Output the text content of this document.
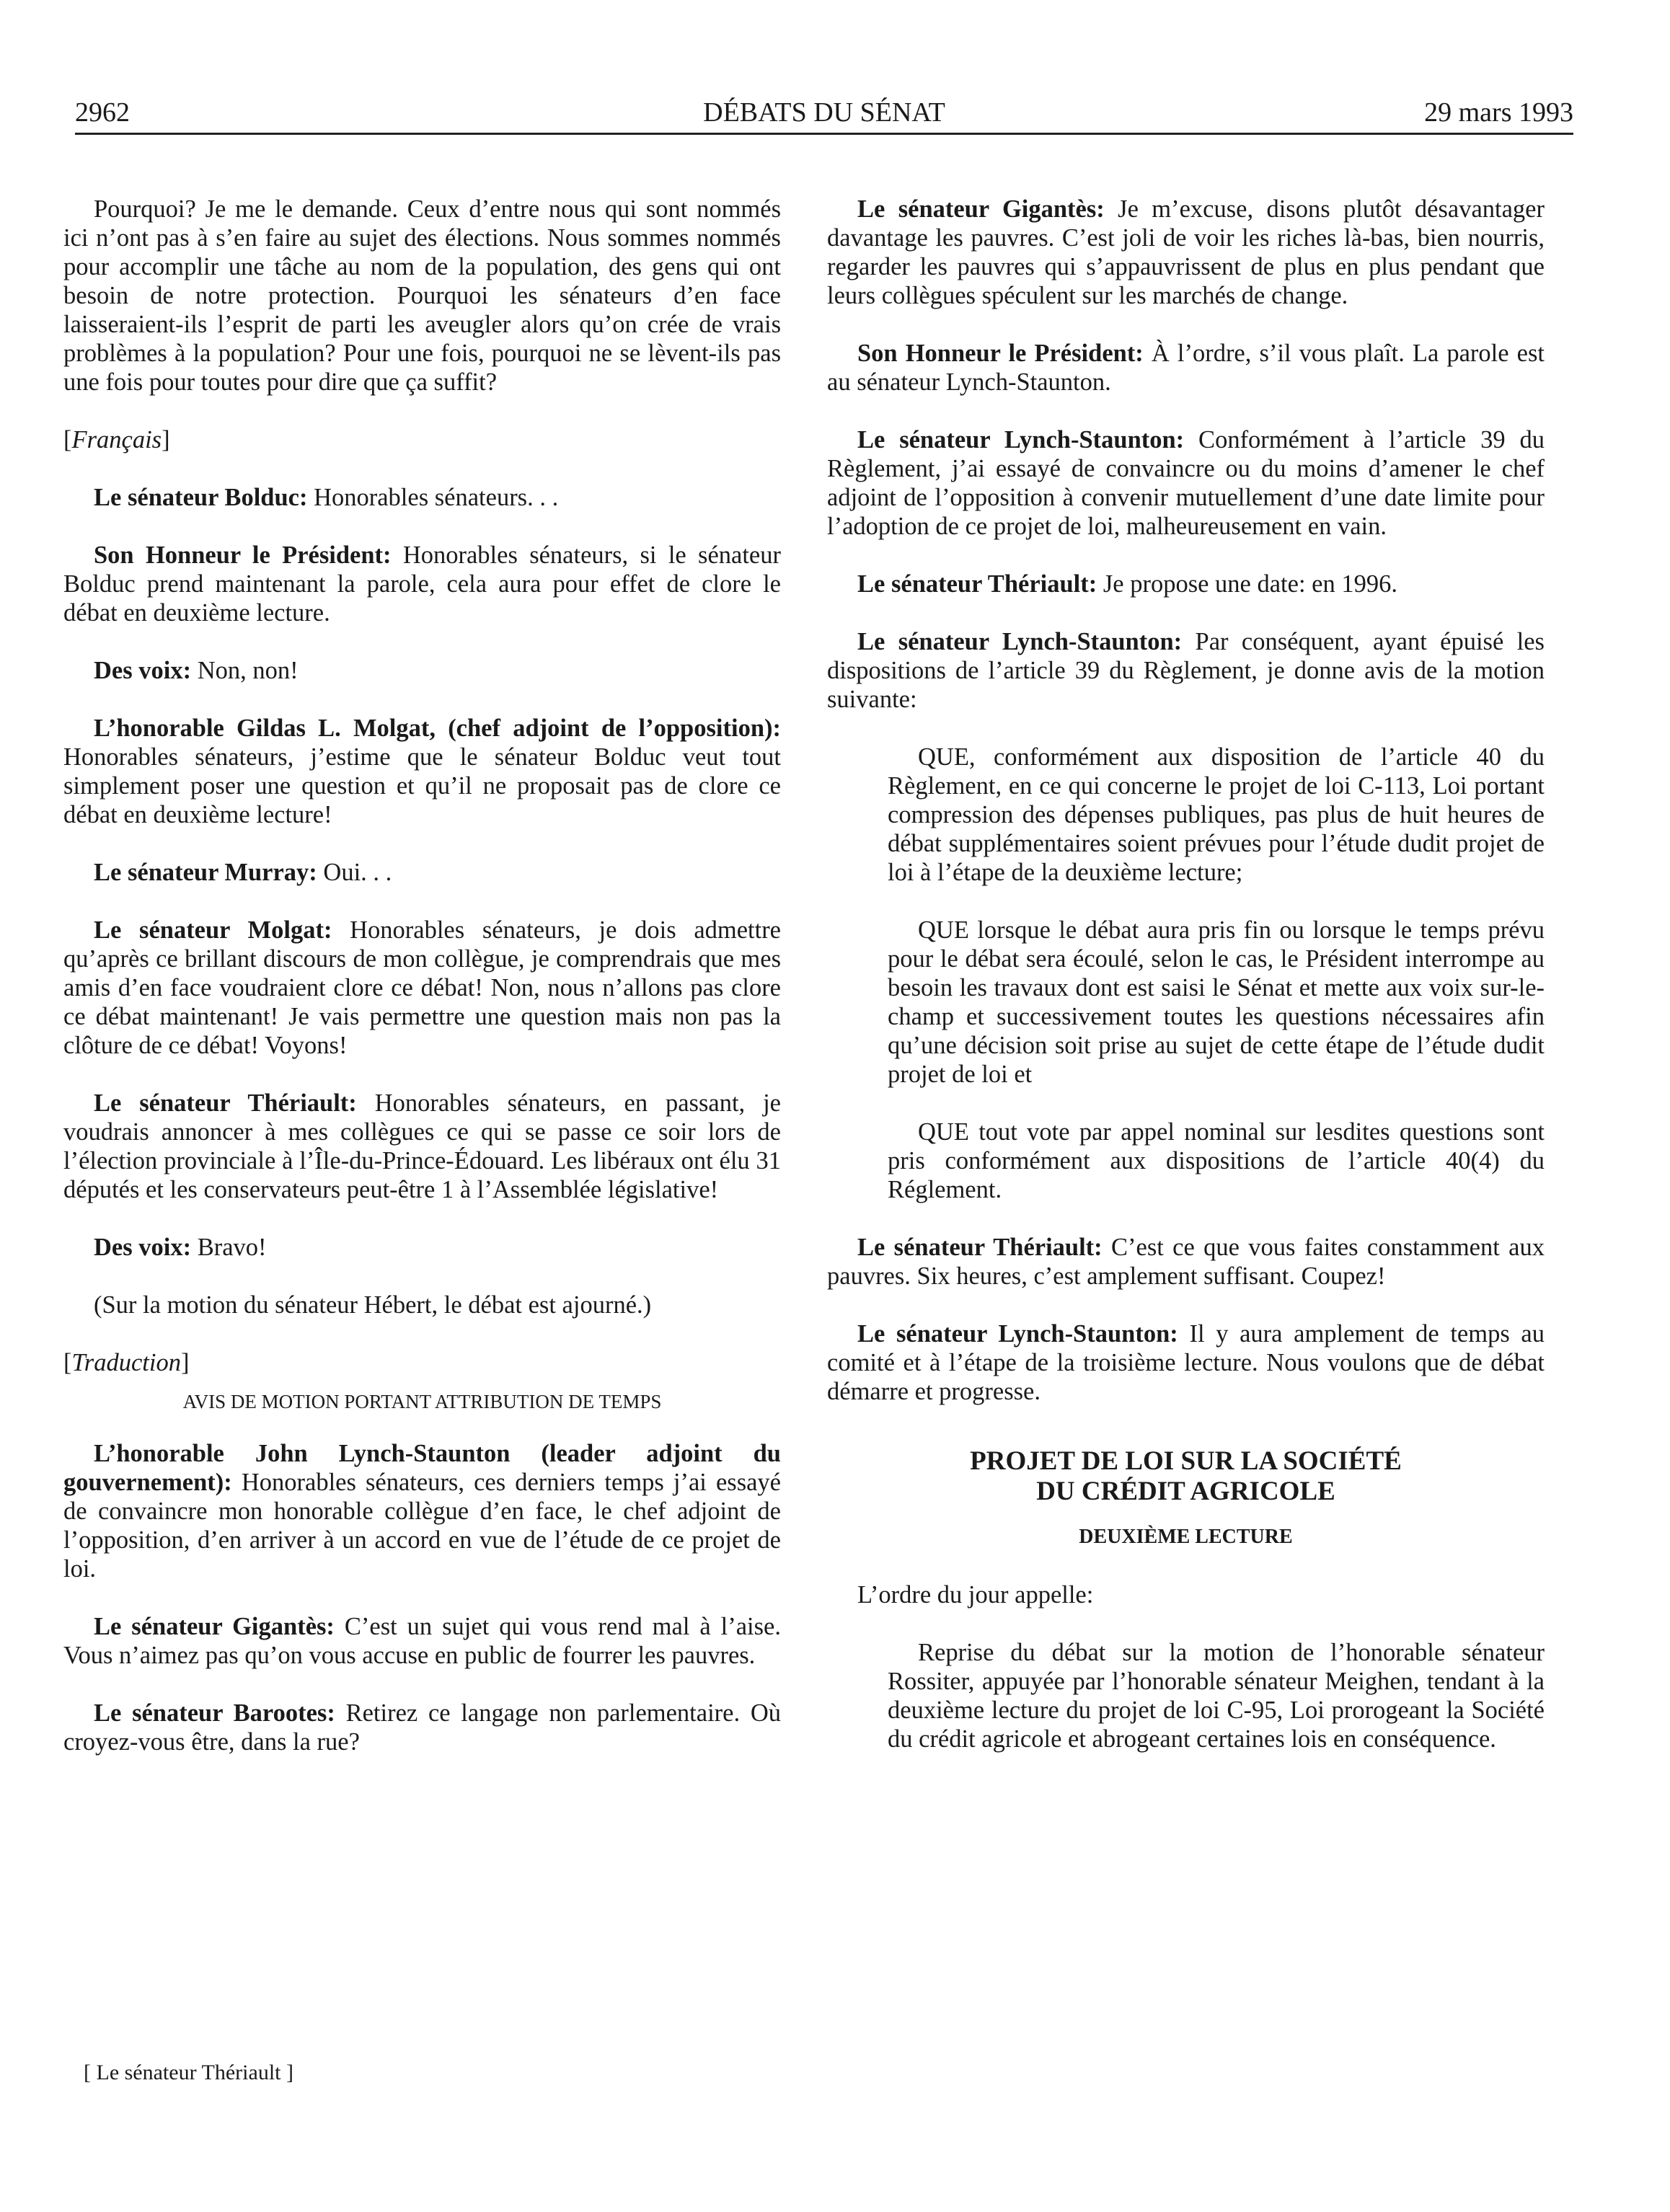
2962	DÉBATS DU SÉNAT	29 mars 1993

Pourquoi? Je me le demande. Ceux d’entre nous qui sont nommés ici n’ont pas à s’en faire au sujet des élections. Nous sommes nommés pour accomplir une tâche au nom de la population, des gens qui ont besoin de notre protection. Pourquoi les sénateurs d’en face laisseraient-ils l’esprit de parti les aveugler alors qu’on crée de vrais problèmes à la population? Pour une fois, pourquoi ne se lèvent-ils pas une fois pour toutes pour dire que ça suffit?

[Français]

Le sénateur Bolduc: Honorables sénateurs. . .

Son Honneur le Président: Honorables sénateurs, si le sénateur Bolduc prend maintenant la parole, cela aura pour effet de clore le débat en deuxième lecture.

Des voix: Non, non!

L’honorable Gildas L. Molgat, (chef adjoint de l’opposition): Honorables sénateurs, j’estime que le sénateur Bolduc veut tout simplement poser une question et qu’il ne proposait pas de clore ce débat en deuxième lecture!

Le sénateur Murray: Oui. . .

Le sénateur Molgat: Honorables sénateurs, je dois admettre qu’après ce brillant discours de mon collègue, je comprendrais que mes amis d’en face voudraient clore ce débat! Non, nous n’allons pas clore ce débat maintenant! Je vais permettre une question mais non pas la clôture de ce débat! Voyons!

Le sénateur Thériault: Honorables sénateurs, en passant, je voudrais annoncer à mes collègues ce qui se passe ce soir lors de l’élection provinciale à l’Île-du-Prince-Édouard. Les libéraux ont élu 31 députés et les conservateurs peut-être 1 à l’Assemblée législative!

Des voix: Bravo!

(Sur la motion du sénateur Hébert, le débat est ajourné.)

[Traduction]
AVIS DE MOTION PORTANT ATTRIBUTION DE TEMPS

L’honorable John Lynch-Staunton (leader adjoint du gouvernement): Honorables sénateurs, ces derniers temps j’ai essayé de convaincre mon honorable collègue d’en face, le chef adjoint de l’opposition, d’en arriver à un accord en vue de l’étude de ce projet de loi.

Le sénateur Gigantès: C’est un sujet qui vous rend mal à l’aise. Vous n’aimez pas qu’on vous accuse en public de fourrer les pauvres.

Le sénateur Barootes: Retirez ce langage non parlementaire. Où croyez-vous être, dans la rue?

Le sénateur Gigantès: Je m’excuse, disons plutôt désavantager davantage les pauvres. C’est joli de voir les riches là-bas, bien nourris, regarder les pauvres qui s’appauvrissent de plus en plus pendant que leurs collègues spéculent sur les marchés de change.

Son Honneur le Président: À l’ordre, s’il vous plaît. La parole est au sénateur Lynch-Staunton.

Le sénateur Lynch-Staunton: Conformément à l’article 39 du Règlement, j’ai essayé de convaincre ou du moins d’amener le chef adjoint de l’opposition à convenir mutuellement d’une date limite pour l’adoption de ce projet de loi, malheureusement en vain.

Le sénateur Thériault: Je propose une date: en 1996.

Le sénateur Lynch-Staunton: Par conséquent, ayant épuisé les dispositions de l’article 39 du Règlement, je donne avis de la motion suivante:

QUE, conformément aux disposition de l’article 40 du Règlement, en ce qui concerne le projet de loi C-113, Loi portant compression des dépenses publiques, pas plus de huit heures de débat supplémentaires soient prévues pour l’étude dudit projet de loi à l’étape de la deuxième lecture;

QUE lorsque le débat aura pris fin ou lorsque le temps prévu pour le débat sera écoulé, selon le cas, le Président interrompe au besoin les travaux dont est saisi le Sénat et mette aux voix sur-le-champ et successivement toutes les questions nécessaires afin qu’une décision soit prise au sujet de cette étape de l’étude dudit projet de loi et

QUE tout vote par appel nominal sur lesdites questions sont pris conformément aux dispositions de l’article 40(4) du Réglement.

Le sénateur Thériault: C’est ce que vous faites constamment aux pauvres. Six heures, c’est amplement suffisant. Coupez!

Le sénateur Lynch-Staunton: Il y aura amplement de temps au comité et à l’étape de la troisième lecture. Nous voulons que de débat démarre et progresse.

PROJET DE LOI SUR LA SOCIÉTÉ
DU CRÉDIT AGRICOLE
DEUXIÈME LECTURE

L’ordre du jour appelle:

Reprise du débat sur la motion de l’honorable sénateur Rossiter, appuyée par l’honorable sénateur Meighen, tendant à la deuxième lecture du projet de loi C-95, Loi prorogeant la Société du crédit agricole et abrogeant certaines lois en conséquence.

[ Le sénateur Thériault ]
